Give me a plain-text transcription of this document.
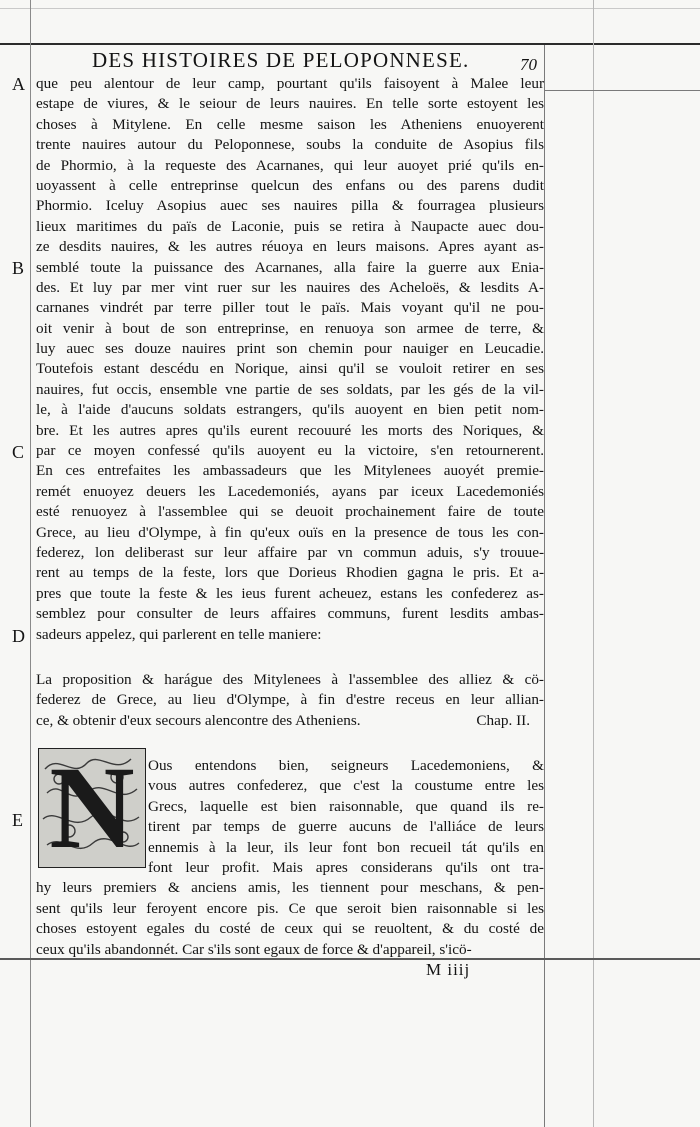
DES HISTOIRES DE PELOPONNESE.	70
A
B
C
D
E
que peu alentour de leur camp, pourtant qu'ils faisoyent à Malee leur
estape de viures, & le seiour de leurs nauires. En telle sorte estoyent les
choses à Mitylene. En celle mesme saison les Atheniens enuoyerent
trente nauires autour du Peloponnese, soubs la conduite de Asopius fils
de Phormio, à la requeste des Acarnanes, qui leur auoyet prié qu'ils en-
uoyassent à celle entreprinse quelcun des enfans ou des parens dudit
Phormio. Iceluy Asopius auec ses nauires pilla & fourragea plusieurs
lieux maritimes du païs de Laconie, puis se retira à Naupacte auec dou-
ze desdits nauires, & les autres réuoya en leurs maisons. Apres ayant as-
semblé toute la puissance des Acarnanes, alla faire la guerre aux Enia-
des. Et luy par mer vint ruer sur les nauires des Acheloës, & lesdits A-
carnanes vindrét par terre piller tout le païs. Mais voyant qu'il ne pou-
oit venir à bout de son entreprinse, en renuoya son armee de terre, &
luy auec ses douze nauires print son chemin pour nauiger en Leucadie.
Toutefois estant descédu en Norique, ainsi qu'il se vouloit retirer en ses
nauires, fut occis, ensemble vne partie de ses soldats, par les gés de la vil-
le, à l'aide d'aucuns soldats estrangers, qu'ils auoyent en bien petit nom-
bre. Et les autres apres qu'ils eurent recouuré les morts des Noriques, &
par ce moyen confessé qu'ils auoyent eu la victoire, s'en retournerent.
En ces entrefaites les ambassadeurs que les Mitylenees auoyét premie-
remét enuoyez deuers les Lacedemoniés, ayans par iceux Lacedemoniés
esté renuoyez à l'assemblee qui se deuoit prochainement faire de toute
Grece, au lieu d'Olympe, à fin qu'eux ouïs en la presence de tous les con-
federez, lon deliberast sur leur affaire par vn commun aduis, s'y trouue-
rent au temps de la feste, lors que Dorieus Rhodien gagna le pris. Et a-
pres que toute la feste & les ieus furent acheuez, estans les confederez as-
semblez pour consulter de leurs affaires communs, furent lesdits ambas-
sadeurs appelez, qui parlerent en telle maniere:
La proposition & harágue des Mitylenees à l'assemblee des alliez & cö-
federez de Grece, au lieu d'Olympe, à fin d'estre receus en leur allian-
ce, & obtenir d'eux secours alencontre des Atheniens.	Chap. II.
N Ous entendons bien, seigneurs Lacedemoniens, &
vous autres confederez, que c'est la coustume entre les
Grecs, laquelle est bien raisonnable, que quand ils re-
tirent par temps de guerre aucuns de l'alliáce de leurs
ennemis à la leur, ils leur font bon recueil tát qu'ils en
font leur profit. Mais apres considerans qu'ils ont tra-
hy leurs premiers & anciens amis, les tiennent pour meschans, & pen-
sent qu'ils leur feroyent encore pis. Ce que seroit bien raisonnable si les
choses estoyent egales du costé de ceux qui se reuoltent, & du costé de
ceux qu'ils abandonnét. Car s'ils sont egaux de force & d'appareil, s'icö-
M iiij
